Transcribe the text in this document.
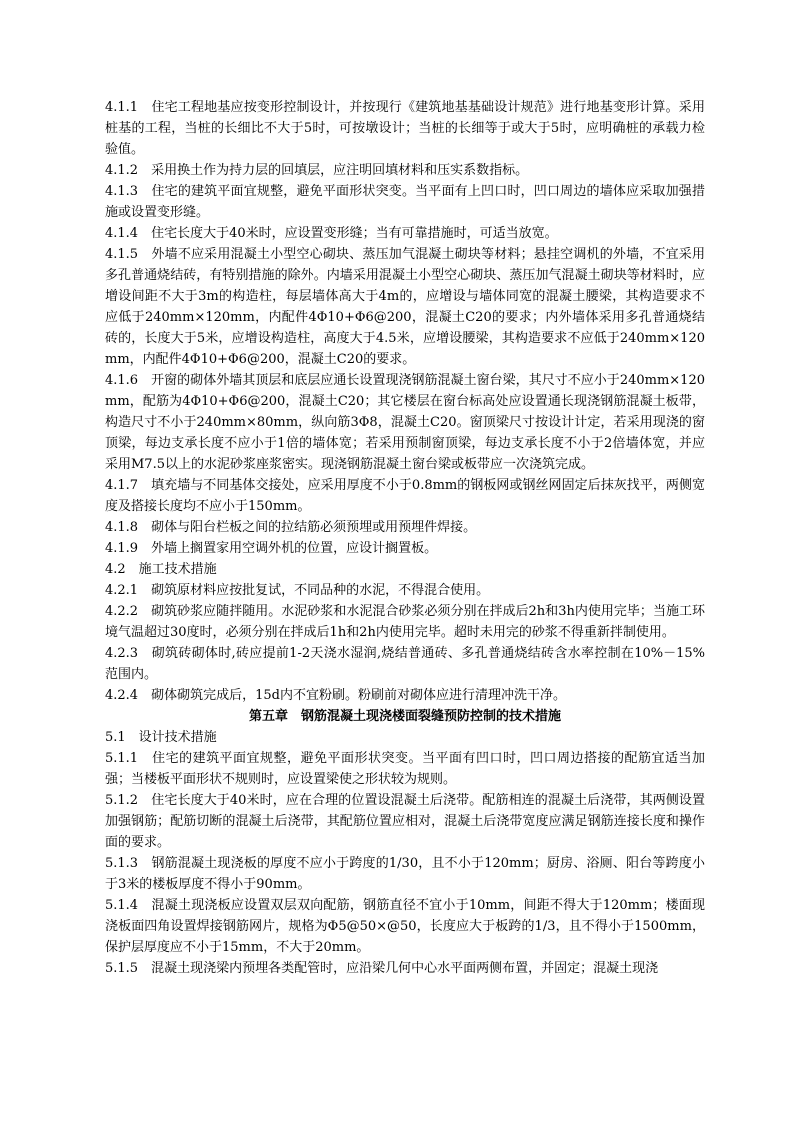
4.1.1　住宅工程地基应按变形控制设计，并按现行《建筑地基基础设计规范》进行地基变形计算。采用桩基的工程，当桩的长细比不大于5时，可按墩设计；当桩的长细等于或大于5时，应明确桩的承载力检验值。

4.1.2　采用换土作为持力层的回填层，应注明回填材料和压实系数指标。

4.1.3　住宅的建筑平面宜规整，避免平面形状突变。当平面有上凹口时，凹口周边的墙体应采取加强措施或设置变形缝。

4.1.4　住宅长度大于40米时，应设置变形缝；当有可靠措施时，可适当放宽。

4.1.5　外墙不应采用混凝土小型空心砌块、蒸压加气混凝土砌块等材料；悬挂空调机的外墙，不宜采用多孔普通烧结砖，有特别措施的除外。内墙采用混凝土小型空心砌块、蒸压加气混凝土砌块等材料时，应增设间距不大于3m的构造柱，每层墙体高大于4m的，应增设与墙体同宽的混凝土腰梁，其构造要求不应低于240mm×120mm，内配件4Φ10+Φ6@200，混凝土C20的要求；内外墙体采用多孔普通烧结砖的，长度大于5米，应增设构造柱，高度大于4.5米，应增设腰梁，其构造要求不应低于240mm×120mm，内配件4Φ10+Φ6@200，混凝土C20的要求。

4.1.6　开窗的砌体外墙其顶层和底层应通长设置现浇钢筋混凝土窗台梁，其尺寸不应小于240mm×120mm，配筋为4Φ10+Φ6@200，混凝土C20；其它楼层在窗台标高处应设置通长现浇钢筋混凝土板带，构造尺寸不小于240mm×80mm，纵向筋3Φ8，混凝土C20。窗顶梁尺寸按设计计定，若采用现浇的窗顶梁，每边支承长度不应小于1倍的墙体宽；若采用预制窗顶梁，每边支承长度不小于2倍墙体宽，并应采用M7.5以上的水泥砂浆座浆密实。现浇钢筋混凝土窗台梁或板带应一次浇筑完成。

4.1.7　填充墙与不同基体交接处，应采用厚度不小于0.8mm的钢板网或钢丝网固定后抹灰找平，两侧宽度及搭接长度均不应小于150mm。

4.1.8　砌体与阳台栏板之间的拉结筋必须预埋或用预埋件焊接。

4.1.9　外墙上搁置家用空调外机的位置，应设计搁置板。

4.2　施工技术措施

4.2.1　砌筑原材料应按批复试，不同品种的水泥，不得混合使用。

4.2.2　砌筑砂浆应随拌随用。水泥砂浆和水泥混合砂浆必须分别在拌成后2h和3h内使用完毕；当施工环境气温超过30度时，必须分别在拌成后1h和2h内使用完毕。超时未用完的砂浆不得重新拌制使用。

4.2.3　砌筑砖砌体时,砖应提前1-2天浇水湿润,烧结普通砖、多孔普通烧结砖含水率控制在10%－15%范围内。

4.2.4　砌体砌筑完成后，15d内不宜粉刷。粉刷前对砌体应进行清理冲洗干净。

第五章　钢筋混凝土现浇楼面裂缝预防控制的技术措施

5.1　设计技术措施

5.1.1　住宅的建筑平面宜规整，避免平面形状突变。当平面有凹口时，凹口周边搭接的配筋宜适当加强；当楼板平面形状不规则时，应设置梁使之形状较为规则。

5.1.2　住宅长度大于40米时，应在合理的位置设混凝土后浇带。配筋相连的混凝土后浇带，其两侧设置加强钢筋；配筋切断的混凝土后浇带，其配筋位置应相对，混凝土后浇带宽度应满足钢筋连接长度和操作面的要求。

5.1.3　钢筋混凝土现浇板的厚度不应小于跨度的1/30，且不小于120mm；厨房、浴厕、阳台等跨度小于3米的楼板厚度不得小于90mm。

5.1.4　混凝土现浇板应设置双层双向配筋，钢筋直径不宜小于10mm，间距不得大于120mm；楼面现浇板面四角设置焊接钢筋网片，规格为Φ5@50×@50，长度应大于板跨的1/3，且不得小于1500mm，保护层厚度应不小于15mm，不大于20mm。

5.1.5　混凝土现浇梁内预埋各类配管时，应沿梁几何中心水平面两侧布置，并固定；混凝土现浇
